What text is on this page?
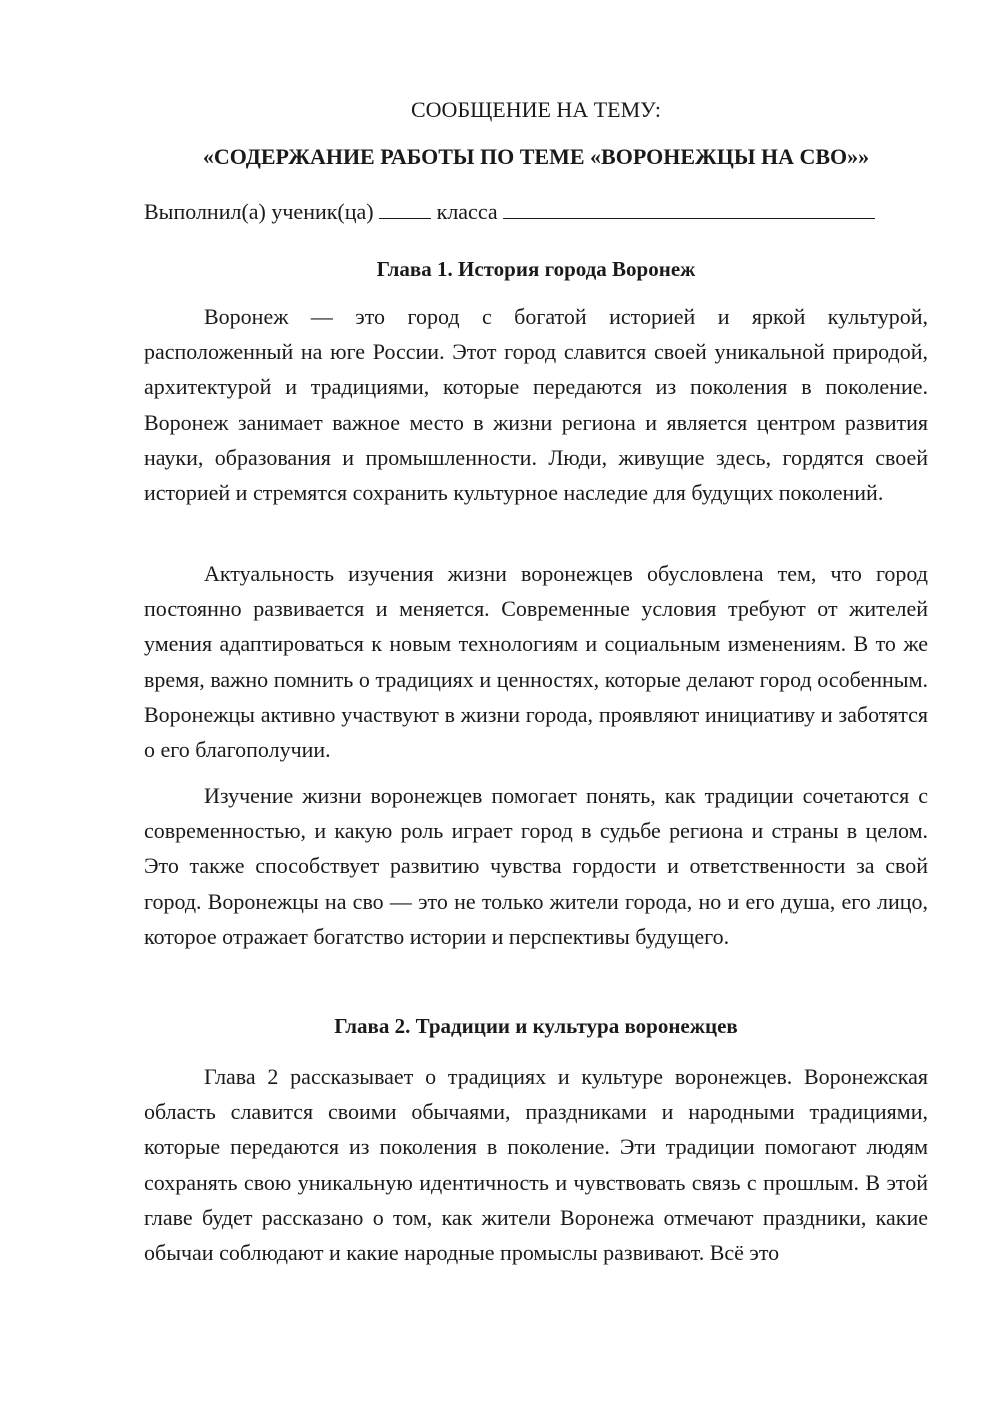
СООБЩЕНИЕ НА ТЕМУ:
«СОДЕРЖАНИЕ РАБОТЫ ПО ТЕМЕ «ВОРОНЕЖЦЫ НА СВО»»
Выполнил(а) ученик(ца)	класса
Глава 1. История города Воронеж

Воронеж — это город с богатой историей и яркой культурой, расположенный на юге России. Этот город славится своей уникальной природой, архитектурой и традициями, которые передаются из поколения в поколение. Воронеж занимает важное место в жизни региона и является центром развития науки, образования и промышленности. Люди, живущие здесь, гордятся своей историей и стремятся сохранить культурное наследие для будущих поколений.

Актуальность изучения жизни воронежцев обусловлена тем, что город постоянно развивается и меняется. Современные условия требуют от жителей умения адаптироваться к новым технологиям и социальным изменениям. В то же время, важно помнить о традициях и ценностях, которые делают город особенным. Воронежцы активно участвуют в жизни города, проявляют инициативу и заботятся о его благополучии.

Изучение жизни воронежцев помогает понять, как традиции сочетаются с современностью, и какую роль играет город в судьбе региона и страны в целом. Это также способствует развитию чувства гордости и ответственности за свой город. Воронежцы на сво — это не только жители города, но и его душа, его лицо, которое отражает богатство истории и перспективы будущего.

Глава 2. Традиции и культура воронежцев

Глава 2 рассказывает о традициях и культуре воронежцев. Воронежская область славится своими обычаями, праздниками и народными традициями, которые передаются из поколения в поколение. Эти традиции помогают людям сохранять свою уникальную идентичность и чувствовать связь с прошлым. В этой главе будет рассказано о том, как жители Воронежа отмечают праздники, какие обычаи соблюдают и какие народные промыслы развивают. Всё это
